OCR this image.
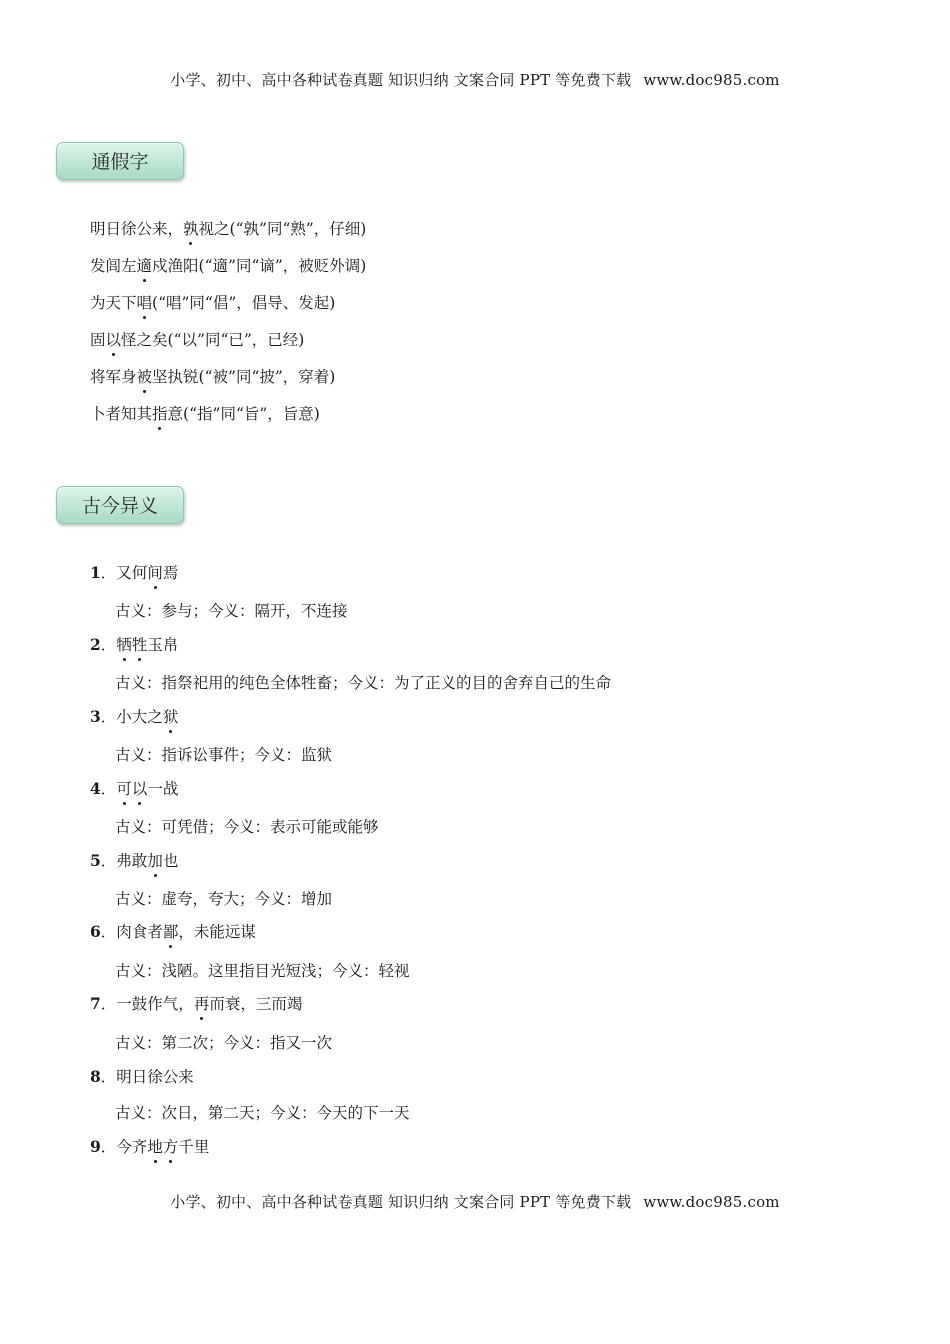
小学、初中、高中各种试卷真题 知识归纳 文案合同 PPT 等免费下载 www.doc985.com
通假字
明日徐公来，孰视之(“孰”同“熟”，仔细)
发闾左適戍渔阳(“適”同“谪”，被贬外调)
为天下唱(“唱”同“倡”，倡导、发起)
固以怪之矣(“以”同“已”，已经)
将军身被坚执锐(“被”同“披”，穿着)
卜者知其指意(“指”同“旨”，旨意)
古今异义
1．又何间焉
古义：参与；今义：隔开，不连接
2．牺牲玉帛
古义：指祭祀用的纯色全体牲畜；今义：为了正义的目的舍弃自己的生命
3．小大之狱
古义：指诉讼事件；今义：监狱
4．可以一战
古义：可凭借；今义：表示可能或能够
5．弗敢加也
古义：虚夸，夸大；今义：增加
6．肉食者鄙，未能远谋
古义：浅陋。这里指目光短浅；今义：轻视
7．一鼓作气，再而衰，三而竭
古义：第二次；今义：指又一次
8．明日徐公来
古义：次日，第二天；今义：今天的下一天
9．今齐地方千里
小学、初中、高中各种试卷真题 知识归纳 文案合同 PPT 等免费下载 www.doc985.com
